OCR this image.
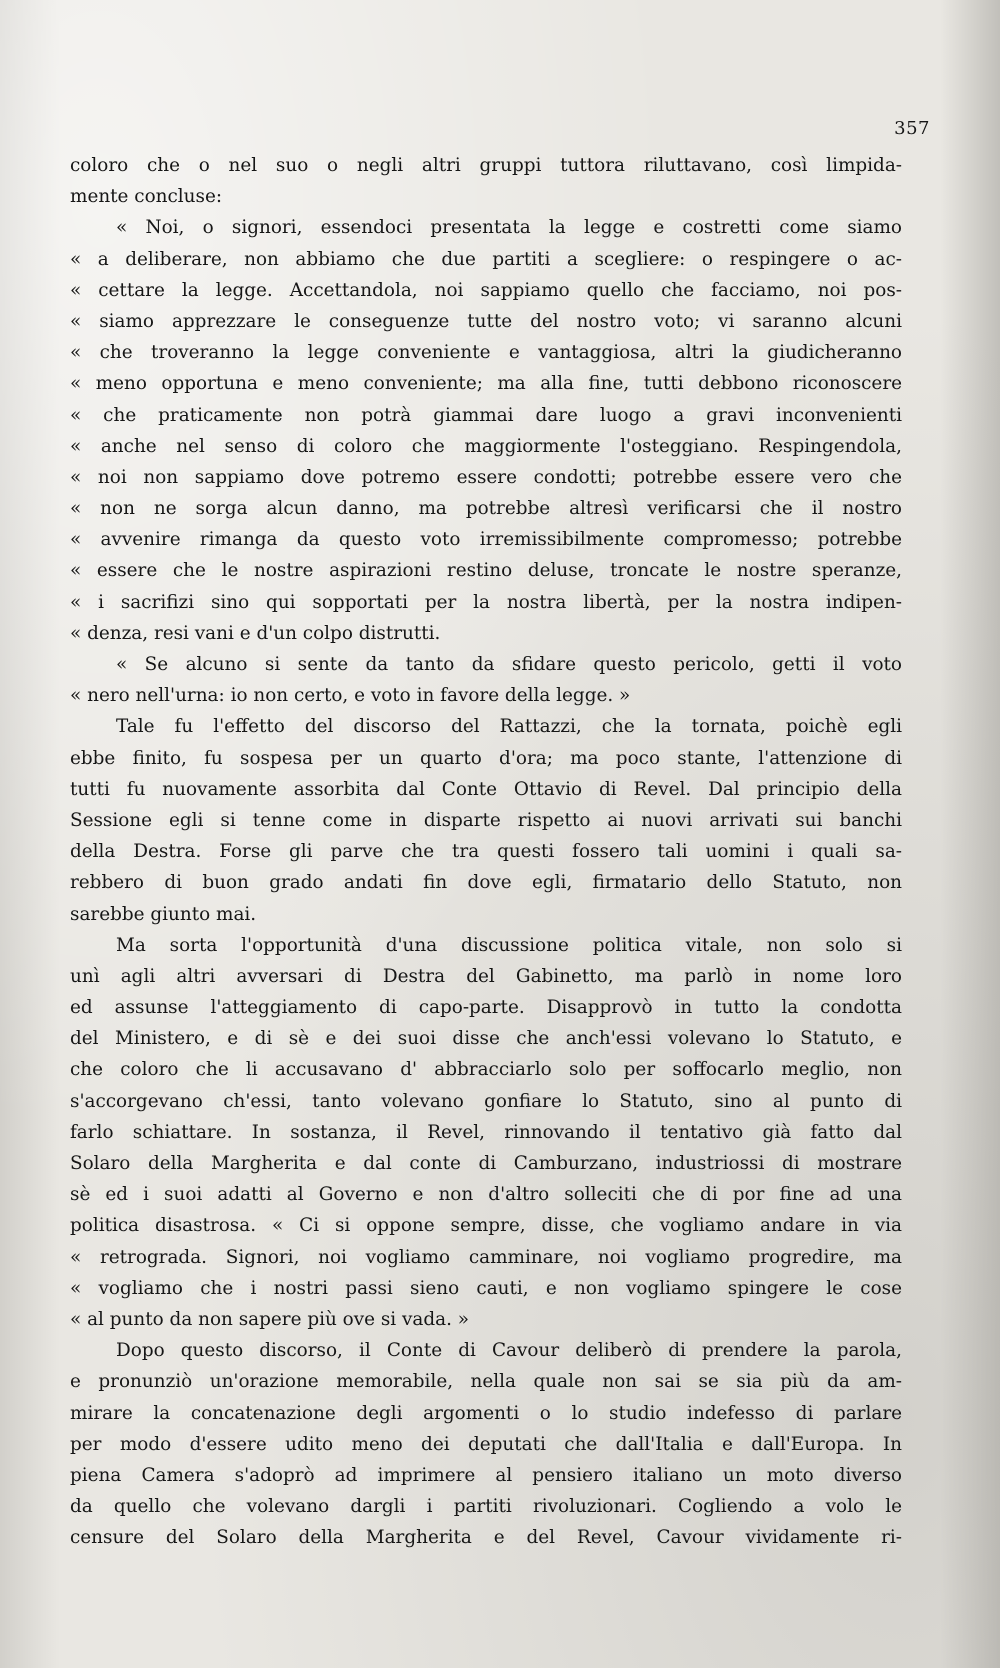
357
coloro che o nel suo o negli altri gruppi tuttora riluttavano, così limpida-
mente concluse:
« Noi, o signori, essendoci presentata la legge e costretti come siamo
« a deliberare, non abbiamo che due partiti a scegliere: o respingere o ac-
« cettare la legge. Accettandola, noi sappiamo quello che facciamo, noi pos-
« siamo apprezzare le conseguenze tutte del nostro voto; vi saranno alcuni
« che troveranno la legge conveniente e vantaggiosa, altri la giudicheranno
« meno opportuna e meno conveniente; ma alla fine, tutti debbono riconoscere
« che praticamente non potrà giammai dare luogo a gravi inconvenienti
« anche nel senso di coloro che maggiormente l'osteggiano. Respingendola,
« noi non sappiamo dove potremo essere condotti; potrebbe essere vero che
« non ne sorga alcun danno, ma potrebbe altresì verificarsi che il nostro
« avvenire rimanga da questo voto irremissibilmente compromesso; potrebbe
« essere che le nostre aspirazioni restino deluse, troncate le nostre speranze,
« i sacrifizi sino qui sopportati per la nostra libertà, per la nostra indipen-
« denza, resi vani e d'un colpo distrutti.
« Se alcuno si sente da tanto da sfidare questo pericolo, getti il voto
« nero nell'urna: io non certo, e voto in favore della legge. »
Tale fu l'effetto del discorso del Rattazzi, che la tornata, poichè egli
ebbe finito, fu sospesa per un quarto d'ora; ma poco stante, l'attenzione di
tutti fu nuovamente assorbita dal Conte Ottavio di Revel. Dal principio della
Sessione egli si tenne come in disparte rispetto ai nuovi arrivati sui banchi
della Destra. Forse gli parve che tra questi fossero tali uomini i quali sa-
rebbero di buon grado andati fin dove egli, firmatario dello Statuto, non
sarebbe giunto mai.
Ma sorta l'opportunità d'una discussione politica vitale, non solo si
unì agli altri avversari di Destra del Gabinetto, ma parlò in nome loro
ed assunse l'atteggiamento di capo-parte. Disapprovò in tutto la condotta
del Ministero, e di sè e dei suoi disse che anch'essi volevano lo Statuto, e
che coloro che li accusavano d' abbracciarlo solo per soffocarlo meglio, non
s'accorgevano ch'essi, tanto volevano gonfiare lo Statuto, sino al punto di
farlo schiattare. In sostanza, il Revel, rinnovando il tentativo già fatto dal
Solaro della Margherita e dal conte di Camburzano, industriossi di mostrare
sè ed i suoi adatti al Governo e non d'altro solleciti che di por fine ad una
politica disastrosa. « Ci si oppone sempre, disse, che vogliamo andare in via
« retrograda. Signori, noi vogliamo camminare, noi vogliamo progredire, ma
« vogliamo che i nostri passi sieno cauti, e non vogliamo spingere le cose
« al punto da non sapere più ove si vada. »
Dopo questo discorso, il Conte di Cavour deliberò di prendere la parola,
e pronunziò un'orazione memorabile, nella quale non sai se sia più da am-
mirare la concatenazione degli argomenti o lo studio indefesso di parlare
per modo d'essere udito meno dei deputati che dall'Italia e dall'Europa. In
piena Camera s'adoprò ad imprimere al pensiero italiano un moto diverso
da quello che volevano dargli i partiti rivoluzionari. Cogliendo a volo le
censure del Solaro della Margherita e del Revel, Cavour vividamente ri-
